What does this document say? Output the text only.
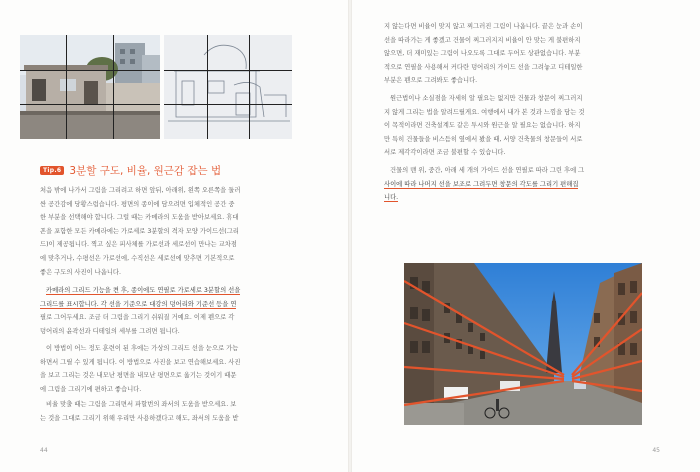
Tip.6 3분할 구도, 비율, 원근감 잡는 법
처음 밖에 나가서 그림을 그리려고 하면 앞뒤, 아래위, 왼쪽 오른쪽을 둘러
싼 공간감에 당황스럽습니다. 평면의 종이에 담으려면 입체적인 공간 중
한 부분을 선택해야 합니다. 그럴 때는 카메라의 도움을 받아보세요. 휴대
폰을 포함한 모든 카메라에는 가로세로 3분할의 격자 모양 가이드선(그리
드)이 제공됩니다. 찍고 싶은 피사체를 가로선과 세로선이 만나는 교차점
에 맞추거나, 수평선은 가로선에, 수직선은 세로선에 맞추면 기본적으로
좋은 구도의 사진이 나옵니다.
카메라의 그리드 기능을 켠 후, 종이에도 연필로 가로세로 3분할의 선을
그리드를 표시합니다. 각 선을 기준으로 대강의 덩어리와 기준선 등을 연
필로 그어두세요. 조금 더 그림을 그리기 쉬워질 거예요. 이제 펜으로 각
덩어리의 윤곽선과 디테일의 세부를 그려면 됩니다.
이 방법이 어느 정도 훈련이 된 후에는 가상의 그리드 선을 눈으로 가늠
하면서 그릴 수 있게 됩니다. 이 방법으로 사진을 보고 연습해보세요. 사진
을 보고 그리는 것은 내모난 평면을 내모난 평면으로 옮기는 것이기 때문
에 그림을 그리기에 편하고 좋습니다.
비율 맞출 때는 그림을 그리면서 파할번의 좌서의 도움을 받으세요. 보
는 것을 그대로 그리기 위해 우리만 사용하겠다고 해도, 좌서의 도움을 받
44
지 않는다면 비율이 맞지 않고 찌그러진 그림이 나옵니다. 끝은 눈과 손이
선을 따라가는 게 좋겠고 건물이 찌그러지지 비율이 안 맞는 게 불편하지
않으면, 더 재미있는 그림이 나오도록 그대로 두어도 상관없습니다. 부분
적으로 연필을 사용해서 커다란 덩어리의 가이드 선을 그려놓고 디테일한
부분은 펜으로 그려봐도 좋습니다.
원근법이나 소실점을 자세히 알 필요는 없지만 건물과 창문이 찌그러지
지 않게 그리는 법을 알려드릴게요. 여행에서 내가 본 것과 느낌을 담는 것
이 목적이라면 건축설계도 같은 투시와 원근을 알 필요는 없습니다. 하지
만 특히 건물들을 비스듬히 옆에서 봤을 때, 서양 건축물의 창문들이 서로
서로 제각각이라면 조금 불편할 수 있습니다.
건물의 맨 위, 중간, 아래 세 개의 가이드 선을 연필로 따라 그린 후에 그
사이에 따라 나머지 선을 보조로 그려두면 창문의 각도를 그리기 편해집
니다.
45
